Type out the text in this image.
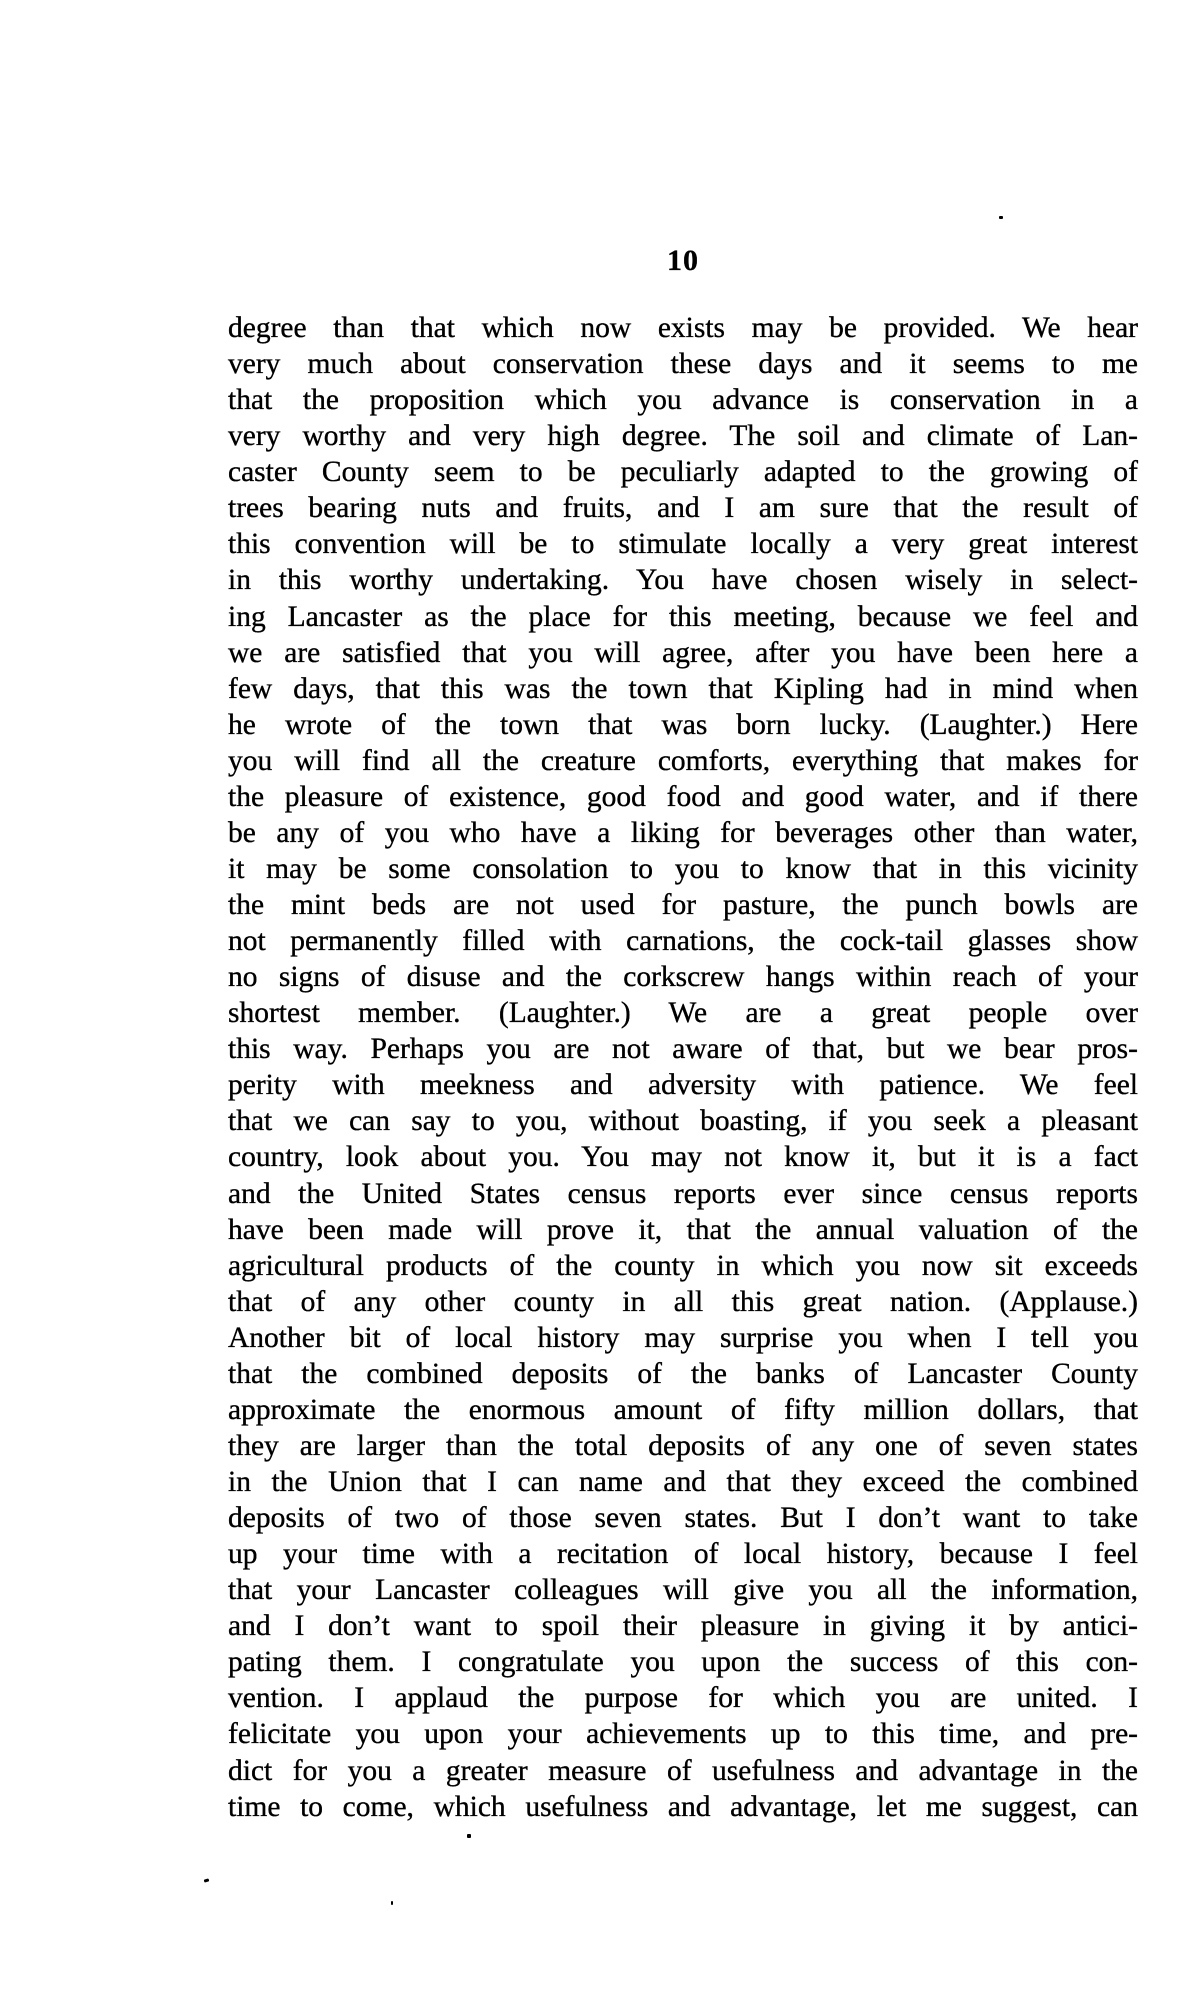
10
degree than that which now exists may be provided. We hear
very much about conservation these days and it seems to me
that the proposition which you advance is conservation in a
very worthy and very high degree. The soil and climate of Lan-
caster County seem to be peculiarly adapted to the growing of
trees bearing nuts and fruits, and I am sure that the result of
this convention will be to stimulate locally a very great interest
in this worthy undertaking. You have chosen wisely in select-
ing Lancaster as the place for this meeting, because we feel and
we are satisfied that you will agree, after you have been here a
few days, that this was the town that Kipling had in mind when
he wrote of the town that was born lucky. (Laughter.) Here
you will find all the creature comforts, everything that makes for
the pleasure of existence, good food and good water, and if there
be any of you who have a liking for beverages other than water,
it may be some consolation to you to know that in this vicinity
the mint beds are not used for pasture, the punch bowls are
not permanently filled with carnations, the cock-tail glasses show
no signs of disuse and the corkscrew hangs within reach of your
shortest member. (Laughter.) We are a great people over
this way. Perhaps you are not aware of that, but we bear pros-
perity with meekness and adversity with patience. We feel
that we can say to you, without boasting, if you seek a pleasant
country, look about you. You may not know it, but it is a fact
and the United States census reports ever since census reports
have been made will prove it, that the annual valuation of the
agricultural products of the county in which you now sit exceeds
that of any other county in all this great nation. (Applause.)
Another bit of local history may surprise you when I tell you
that the combined deposits of the banks of Lancaster County
approximate the enormous amount of fifty million dollars, that
they are larger than the total deposits of any one of seven states
in the Union that I can name and that they exceed the combined
deposits of two of those seven states. But I don’t want to take
up your time with a recitation of local history, because I feel
that your Lancaster colleagues will give you all the information,
and I don’t want to spoil their pleasure in giving it by antici-
pating them. I congratulate you upon the success of this con-
vention. I applaud the purpose for which you are united. I
felicitate you upon your achievements up to this time, and pre-
dict for you a greater measure of usefulness and advantage in the
time to come, which usefulness and advantage, let me suggest, can
